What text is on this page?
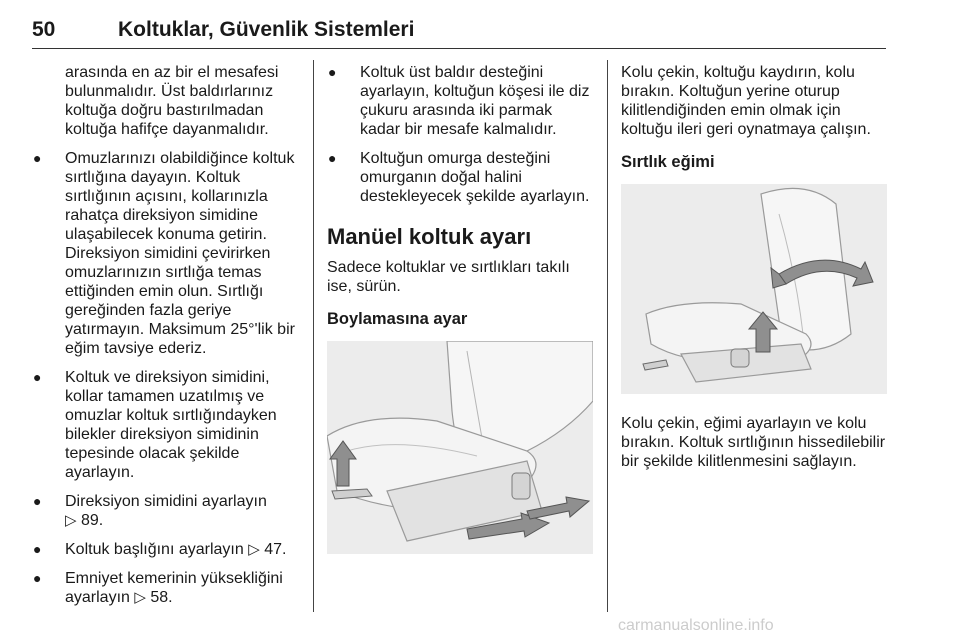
50	Koltuklar, Güvenlik Sistemleri

arasında en az bir el mesafesi bulunmalıdır. Üst baldırlarınız koltuğa doğru bastırılmadan koltuğa hafifçe dayanmalıdır.

● Omuzlarınızı olabildiğince koltuk sırtlığına dayayın. Koltuk sırtlığının açısını, kollarınızla rahatça direksiyon simidine ulaşabilecek konuma getirin. Direksiyon simidini çevirirken omuzlarınızın sırtlığa temas ettiğinden emin olun. Sırtlığı gereğinden fazla geriye yatırmayın. Maksimum 25°'lik bir eğim tavsiye ederiz.
● Koltuk ve direksiyon simidini, kollar tamamen uzatılmış ve omuzlar koltuk sırtlığındayken bilekler direksiyon simidinin tepesinde olacak şekilde ayarlayın.
● Direksiyon simidini ayarlayın
▷ 89.
● Koltuk başlığını ayarlayın ▷ 47.
● Emniyet kemerinin yüksekliğini ayarlayın ▷ 58.
● Koltuk üst baldır desteğini ayarlayın, koltuğun köşesi ile diz çukuru arasında iki parmak kadar bir mesafe kalmalıdır.
● Koltuğun omurga desteğini omurganın doğal halini destekleyecek şekilde ayarlayın.
Manüel koltuk ayarı

Sadece koltuklar ve sırtlıkları takılı ise, sürün.

Boylamasına ayar

Kolu çekin, koltuğu kaydırın, kolu bırakın. Koltuğun yerine oturup kilitlendiğinden emin olmak için koltuğu ileri geri oynatmaya çalışın.

Sırtlık eğimi

Kolu çekin, eğimi ayarlayın ve kolu bırakın. Koltuk sırtlığının hissedilebilir bir şekilde kilitlenmesini sağlayın.

carmanualsonline.info
